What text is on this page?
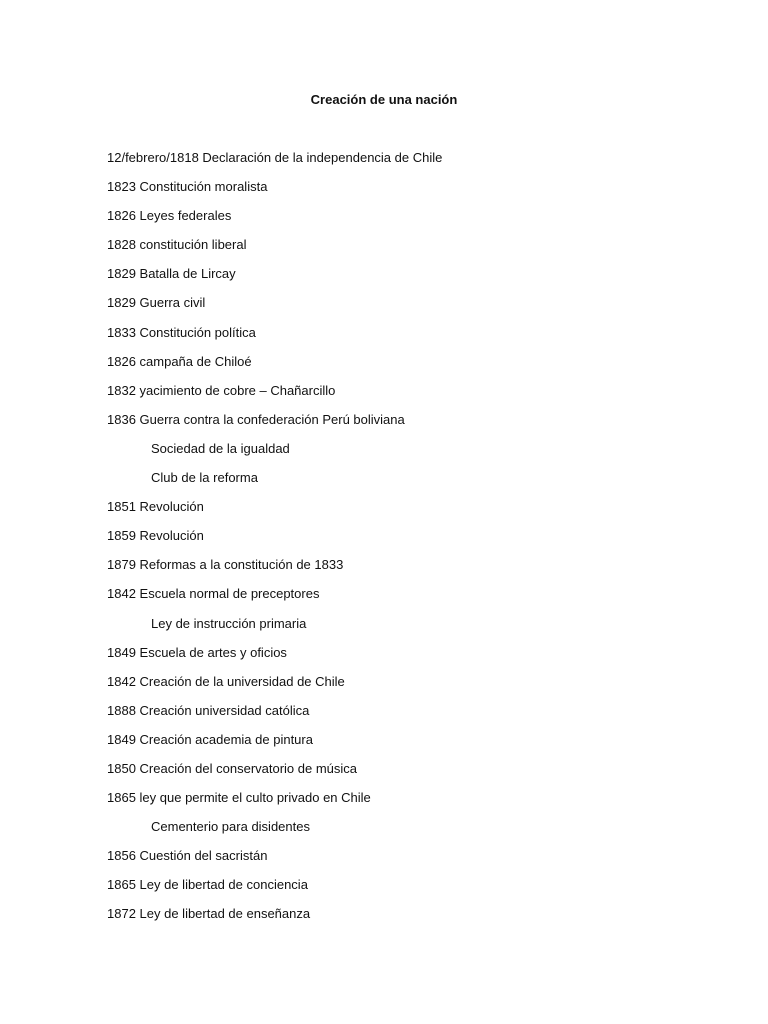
Creación de una nación
12/febrero/1818 Declaración de la independencia de Chile
1823 Constitución moralista
1826 Leyes federales
1828 constitución liberal
1829 Batalla de Lircay
1829 Guerra civil
1833 Constitución política
1826 campaña de Chiloé
1832 yacimiento de cobre – Chañarcillo
1836 Guerra contra la confederación Perú boliviana
Sociedad de la igualdad
Club de la reforma
1851 Revolución
1859 Revolución
1879 Reformas a la constitución de 1833
1842 Escuela normal de preceptores
Ley de instrucción primaria
1849 Escuela de artes y oficios
1842 Creación de la universidad de Chile
1888 Creación universidad católica
1849 Creación academia de pintura
1850 Creación del conservatorio de música
1865 ley que permite el culto privado en Chile
Cementerio para disidentes
1856 Cuestión del sacristán
1865 Ley de libertad de conciencia
1872 Ley de libertad de enseñanza
